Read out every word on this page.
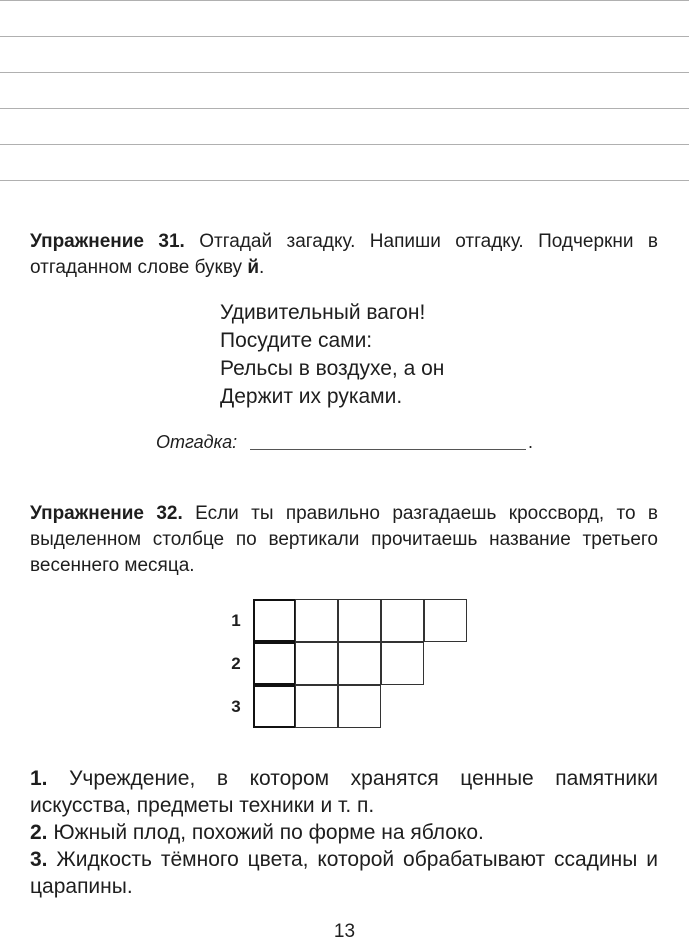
Упражнение 31. Отгадай загадку. Напиши отгадку. Подчеркни в отгаданном слове букву й.
Удивительный вагон!
Посудите сами:
Рельсы в воздухе, а он
Держит их руками.
Отгадка:	.
Упражнение 32. Если ты правильно разгадаешь кроссворд, то в выделенном столбце по вертикали прочитаешь название третьего весеннего месяца.
1
2
3

1. Учреждение, в котором хранятся ценные памятники искусства, предметы техники и т. п.

2. Южный плод, похожий по форме на яблоко.

3. Жидкость тёмного цвета, которой обрабатывают ссадины и царапины.

13
